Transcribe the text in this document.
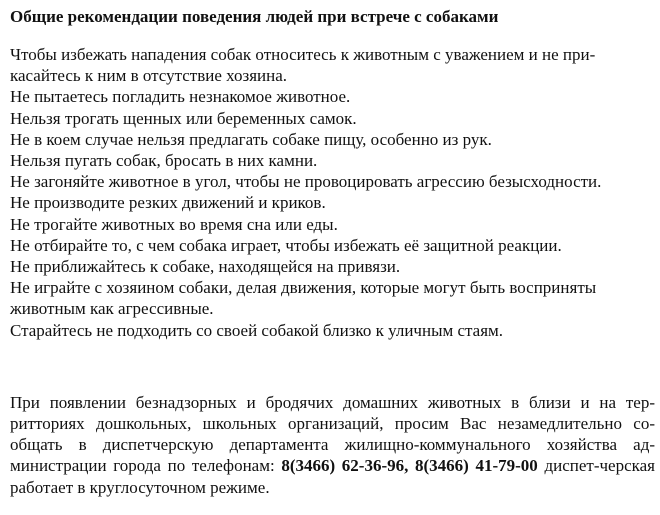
Общие рекомендации поведения людей при встрече с собаками
Чтобы избежать нападения собак относитесь к животным с уважением и не при-касайтесь к ним в отсутствие хозяина.
Не пытаетесь погладить незнакомое животное.
Нельзя трогать щенных или беременных самок.
Не в коем случае нельзя предлагать собаке пищу, особенно из рук.
Нельзя пугать собак, бросать в них камни.
Не загоняйте животное в угол, чтобы не провоцировать агрессию безысходности.
Не производите резких движений и криков.
Не трогайте животных во время сна или еды.
Не отбирайте то, с чем собака играет, чтобы избежать её защитной реакции.
Не приближайтесь к собаке, находящейся на привязи.
Не играйте с хозяином собаки, делая движения, которые могут быть восприняты животным как агрессивные.
Старайтесь не подходить со своей собакой близко к уличным стаям.

При появлении безнадзорных и бродячих домашних животных в близи и на тер-ритториях дошкольных, школьных организаций, просим Вас незамедлительно со-общать в диспетчерскую департамента жилищно-коммунального хозяйства ад-министрации города по телефонам: 8(3466) 62-36-96, 8(3466) 41-79-00 диспет-черская работает в круглосуточном режиме.
